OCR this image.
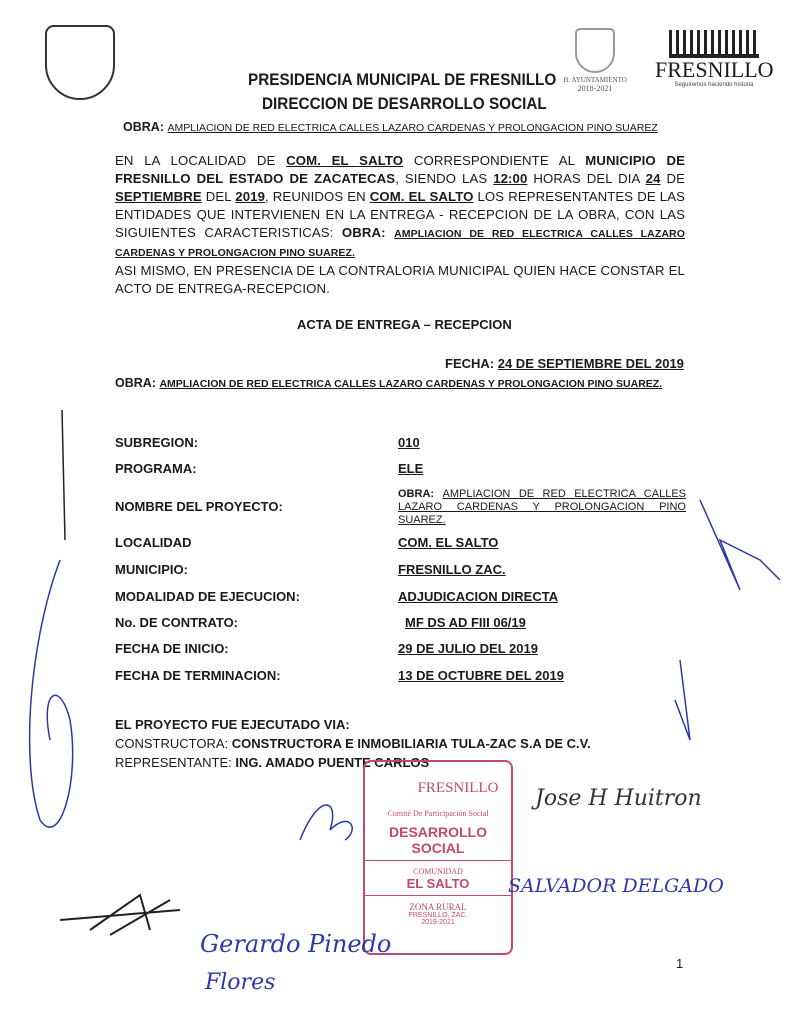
H. AYUNTAMIENTO
2018-2021
FRESNILLO
Seguiremos haciendo historia
PRESIDENCIA MUNICIPAL DE FRESNILLO
DIRECCION DE DESARROLLO SOCIAL
OBRA: AMPLIACION DE RED ELECTRICA CALLES LAZARO CARDENAS Y PROLONGACION PINO SUAREZ
EN LA LOCALIDAD DE COM. EL SALTO CORRESPONDIENTE AL MUNICIPIO DE FRESNILLO DEL ESTADO DE ZACATECAS, SIENDO LAS 12:00 HORAS DEL DIA 24 DE SEPTIEMBRE DEL 2019, REUNIDOS EN COM. EL SALTO LOS REPRESENTANTES DE LAS ENTIDADES QUE INTERVIENEN EN LA ENTREGA - RECEPCION DE LA OBRA, CON LAS SIGUIENTES CARACTERISTICAS: OBRA: AMPLIACION DE RED ELECTRICA CALLES LAZARO CARDENAS Y PROLONGACION PINO SUAREZ.
ASI MISMO, EN PRESENCIA DE LA CONTRALORIA MUNICIPAL QUIEN HACE CONSTAR EL ACTO DE ENTREGA-RECEPCION.
ACTA DE ENTREGA – RECEPCION
FECHA: 24 DE SEPTIEMBRE DEL 2019
OBRA: AMPLIACION DE RED ELECTRICA CALLES LAZARO CARDENAS Y PROLONGACION PINO SUAREZ.
SUBREGION:	010
PROGRAMA:	ELE
NOMBRE DEL PROYECTO:
OBRA: AMPLIACION DE RED ELECTRICA CALLES LAZARO CARDENAS Y PROLONGACION PINO SUAREZ.
LOCALIDAD	COM. EL SALTO
MUNICIPIO:	FRESNILLO ZAC.
MODALIDAD DE EJECUCION:	ADJUDICACION DIRECTA
No. DE CONTRATO:	MF DS AD FIII 06/19
FECHA DE INICIO:	29 DE JULIO DEL 2019
FECHA DE TERMINACION:	13 DE OCTUBRE DEL 2019
EL PROYECTO FUE EJECUTADO VIA:
CONSTRUCTORA: CONSTRUCTORA E INMOBILIARIA TULA-ZAC S.A DE C.V.
REPRESENTANTE: ING. AMADO PUENTE CARLOS
FRESNILLO
Comité De Participación Social
DESARROLLO SOCIAL
COMUNIDAD
EL SALTO
ZONA RURAL
FRESNILLO, ZAC.
2019-2021
Jose H Huitron
SALVADOR DELGADO
Gerardo Pinedo
Flores
1
